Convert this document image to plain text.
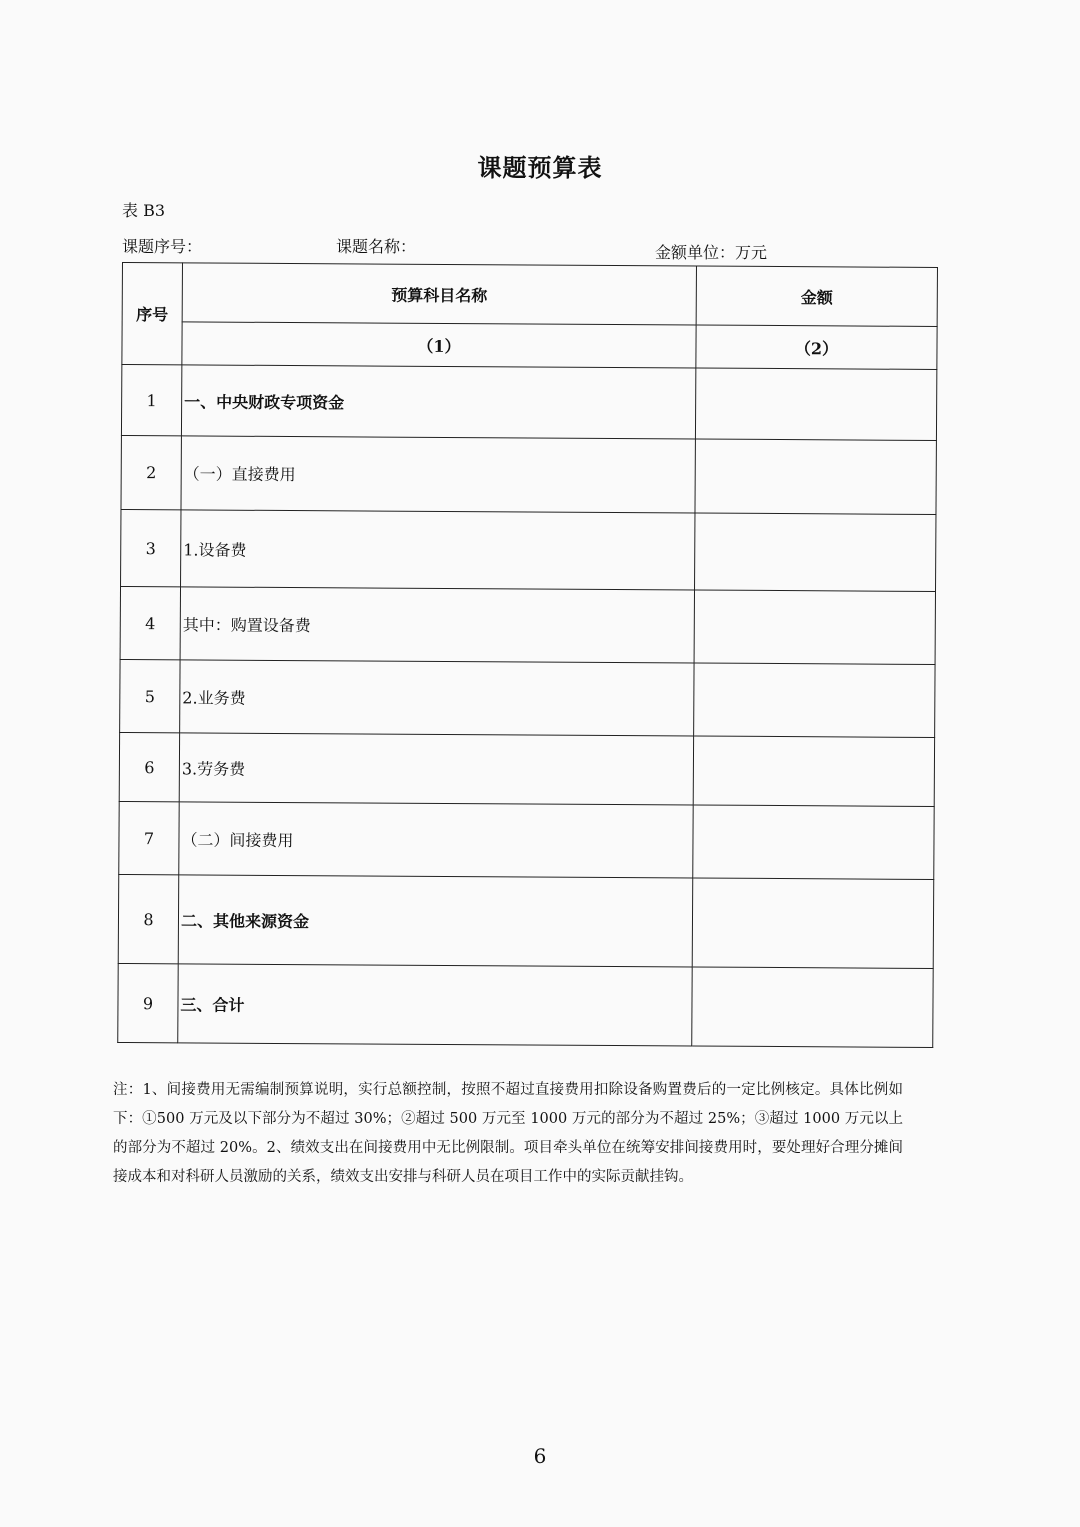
课题预算表
表 B3
课题序号：	课题名称：	金额单位：万元
序号	预算科目名称	金额
	（1）	（2）
1	一、中央财政专项资金	
2	（一）直接费用	
3	1.设备费	
4	其中：购置设备费	
5	2.业务费	
6	3.劳务费	
7	（二）间接费用	
8	二、其他来源资金	
9	三、合计	
注：1、间接费用无需编制预算说明，实行总额控制，按照不超过直接费用扣除设备购置费后的一定比例核定。具体比例如下：①500 万元及以下部分为不超过 30%；②超过 500 万元至 1000 万元的部分为不超过 25%；③超过 1000 万元以上的部分为不超过 20%。2、绩效支出在间接费用中无比例限制。项目牵头单位在统筹安排间接费用时，要处理好合理分摊间接成本和对科研人员激励的关系，绩效支出安排与科研人员在项目工作中的实际贡献挂钩。
6
